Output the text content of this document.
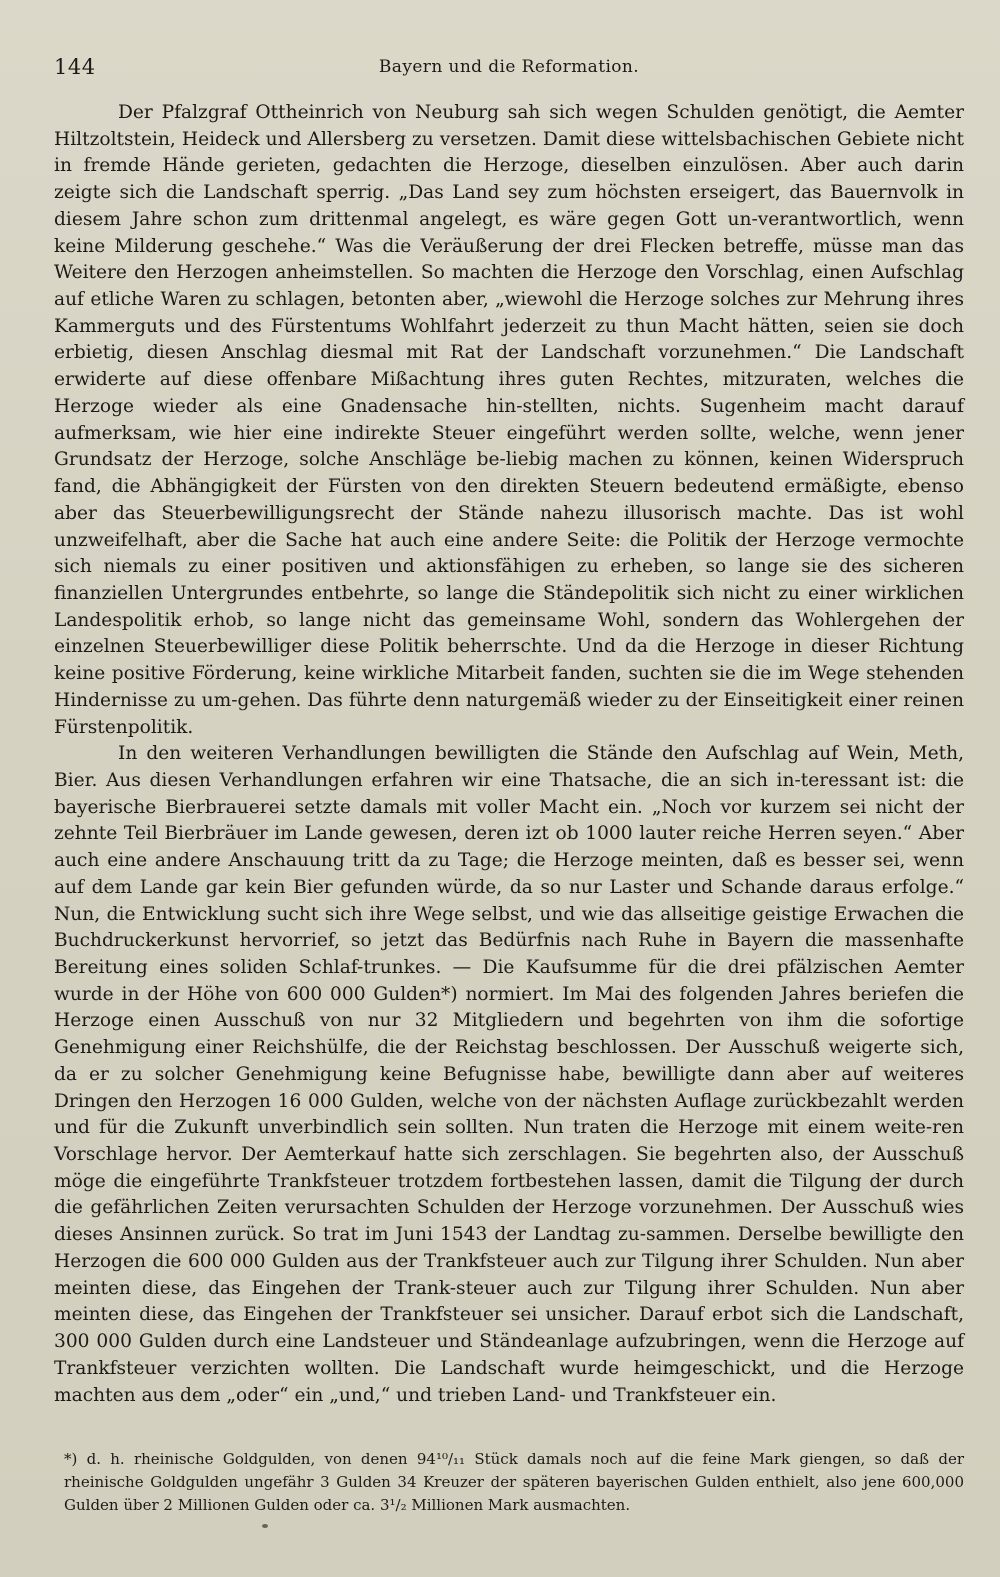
144	Bayern und die Reformation.

Der Pfalzgraf Ottheinrich von Neuburg sah sich wegen Schulden genötigt, die Aemter Hiltzoltstein, Heideck und Allersberg zu versetzen. Damit diese wittelsbachischen Gebiete nicht in fremde Hände gerieten, gedachten die Herzoge, dieselben einzulösen. Aber auch darin zeigte sich die Landschaft sperrig. „Das Land sey zum höchsten erseigert, das Bauernvolk in diesem Jahre schon zum drittenmal angelegt, es wäre gegen Gott un-verantwortlich, wenn keine Milderung geschehe.“ Was die Veräußerung der drei Flecken betreffe, müsse man das Weitere den Herzogen anheimstellen. So machten die Herzoge den Vorschlag, einen Aufschlag auf etliche Waren zu schlagen, betonten aber, „wiewohl die Herzoge solches zur Mehrung ihres Kammerguts und des Fürstentums Wohlfahrt jederzeit zu thun Macht hätten, seien sie doch erbietig, diesen Anschlag diesmal mit Rat der Landschaft vorzunehmen.“ Die Landschaft erwiderte auf diese offenbare Mißachtung ihres guten Rechtes, mitzuraten, welches die Herzoge wieder als eine Gnadensache hin-stellten, nichts. Sugenheim macht darauf aufmerksam, wie hier eine indirekte Steuer eingeführt werden sollte, welche, wenn jener Grundsatz der Herzoge, solche Anschläge be-liebig machen zu können, keinen Widerspruch fand, die Abhängigkeit der Fürsten von den direkten Steuern bedeutend ermäßigte, ebenso aber das Steuerbewilligungsrecht der Stände nahezu illusorisch machte. Das ist wohl unzweifelhaft, aber die Sache hat auch eine andere Seite: die Politik der Herzoge vermochte sich niemals zu einer positiven und aktionsfähigen zu erheben, so lange sie des sicheren finanziellen Untergrundes entbehrte, so lange die Ständepolitik sich nicht zu einer wirklichen Landespolitik erhob, so lange nicht das gemeinsame Wohl, sondern das Wohlergehen der einzelnen Steuerbewilliger diese Politik beherrschte. Und da die Herzoge in dieser Richtung keine positive Förderung, keine wirkliche Mitarbeit fanden, suchten sie die im Wege stehenden Hindernisse zu um-gehen. Das führte denn naturgemäß wieder zu der Einseitigkeit einer reinen Fürstenpolitik.

In den weiteren Verhandlungen bewilligten die Stände den Aufschlag auf Wein, Meth, Bier. Aus diesen Verhandlungen erfahren wir eine Thatsache, die an sich in-teressant ist: die bayerische Bierbrauerei setzte damals mit voller Macht ein. „Noch vor kurzem sei nicht der zehnte Teil Bierbräuer im Lande gewesen, deren izt ob 1000 lauter reiche Herren seyen.“ Aber auch eine andere Anschauung tritt da zu Tage; die Herzoge meinten, daß es besser sei, wenn auf dem Lande gar kein Bier gefunden würde, da so nur Laster und Schande daraus erfolge.“ Nun, die Entwicklung sucht sich ihre Wege selbst, und wie das allseitige geistige Erwachen die Buchdruckerkunst hervorrief, so jetzt das Bedürfnis nach Ruhe in Bayern die massenhafte Bereitung eines soliden Schlaf-trunkes. — Die Kaufsumme für die drei pfälzischen Aemter wurde in der Höhe von 600 000 Gulden*) normiert. Im Mai des folgenden Jahres beriefen die Herzoge einen Ausschuß von nur 32 Mitgliedern und begehrten von ihm die sofortige Genehmigung einer Reichshülfe, die der Reichstag beschlossen. Der Ausschuß weigerte sich, da er zu solcher Genehmigung keine Befugnisse habe, bewilligte dann aber auf weiteres Dringen den Herzogen 16 000 Gulden, welche von der nächsten Auflage zurückbezahlt werden und für die Zukunft unverbindlich sein sollten. Nun traten die Herzoge mit einem weite-ren Vorschlage hervor. Der Aemterkauf hatte sich zerschlagen. Sie begehrten also, der Ausschuß möge die eingeführte Trankfsteuer trotzdem fortbestehen lassen, damit die Tilgung der durch die gefährlichen Zeiten verursachten Schulden der Herzoge vorzunehmen. Der Ausschuß wies dieses Ansinnen zurück. So trat im Juni 1543 der Landtag zu-sammen. Derselbe bewilligte den Herzogen die 600 000 Gulden aus der Trankfsteuer auch zur Tilgung ihrer Schulden. Nun aber meinten diese, das Eingehen der Trank-steuer auch zur Tilgung ihrer Schulden. Nun aber meinten diese, das Eingehen der Trankfsteuer sei unsicher. Darauf erbot sich die Landschaft, 300 000 Gulden durch eine Landsteuer und Ständeanlage aufzubringen, wenn die Herzoge auf Trankfsteuer verzichten wollten. Die Landschaft wurde heimgeschickt, und die Herzoge machten aus dem „oder“ ein „und,“ und trieben Land- und Trankfsteuer ein.

*) d. h. rheinische Goldgulden, von denen 94¹⁰/₁₁ Stück damals noch auf die feine Mark giengen, so daß der rheinische Goldgulden ungefähr 3 Gulden 34 Kreuzer der späteren bayerischen Gulden enthielt, also jene 600,000 Gulden über 2 Millionen Gulden oder ca. 3¹/₂ Millionen Mark ausmachten.
